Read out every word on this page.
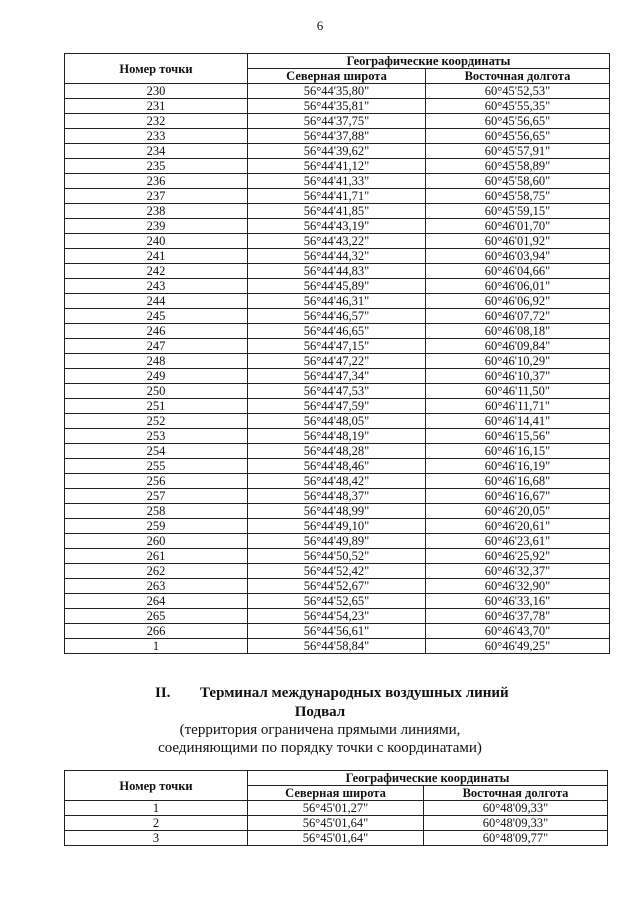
6
Номер точки	Географические координаты	
	Северная широта	Восточная долгота
230	56°44'35,80"	60°45'52,53"
231	56°44'35,81"	60°45'55,35"
232	56°44'37,75"	60°45'56,65"
233	56°44'37,88"	60°45'56,65"
234	56°44'39,62"	60°45'57,91"
235	56°44'41,12"	60°45'58,89"
236	56°44'41,33"	60°45'58,60"
237	56°44'41,71"	60°45'58,75"
238	56°44'41,85"	60°45'59,15"
239	56°44'43,19"	60°46'01,70"
240	56°44'43,22"	60°46'01,92"
241	56°44'44,32"	60°46'03,94"
242	56°44'44,83"	60°46'04,66"
243	56°44'45,89"	60°46'06,01"
244	56°44'46,31"	60°46'06,92"
245	56°44'46,57"	60°46'07,72"
246	56°44'46,65"	60°46'08,18"
247	56°44'47,15"	60°46'09,84"
248	56°44'47,22"	60°46'10,29"
249	56°44'47,34"	60°46'10,37"
250	56°44'47,53"	60°46'11,50"
251	56°44'47,59"	60°46'11,71"
252	56°44'48,05"	60°46'14,41"
253	56°44'48,19"	60°46'15,56"
254	56°44'48,28"	60°46'16,15"
255	56°44'48,46"	60°46'16,19"
256	56°44'48,42"	60°46'16,68"
257	56°44'48,37"	60°46'16,67"
258	56°44'48,99"	60°46'20,05"
259	56°44'49,10"	60°46'20,61"
260	56°44'49,89"	60°46'23,61"
261	56°44'50,52"	60°46'25,92"
262	56°44'52,42"	60°46'32,37"
263	56°44'52,67"	60°46'32,90"
264	56°44'52,65"	60°46'33,16"
265	56°44'54,23"	60°46'37,78"
266	56°44'56,61"	60°46'43,70"
1	56°44'58,84"	60°46'49,25"
II. Терминал международных воздушных линий
Подвал
(территория ограничена прямыми линиями,
соединяющими по порядку точки с координатами)
Номер точки	Географические координаты	
	Северная широта	Восточная долгота
1	56°45'01,27"	60°48'09,33"
2	56°45'01,64"	60°48'09,33"
3	56°45'01,64"	60°48'09,77"
